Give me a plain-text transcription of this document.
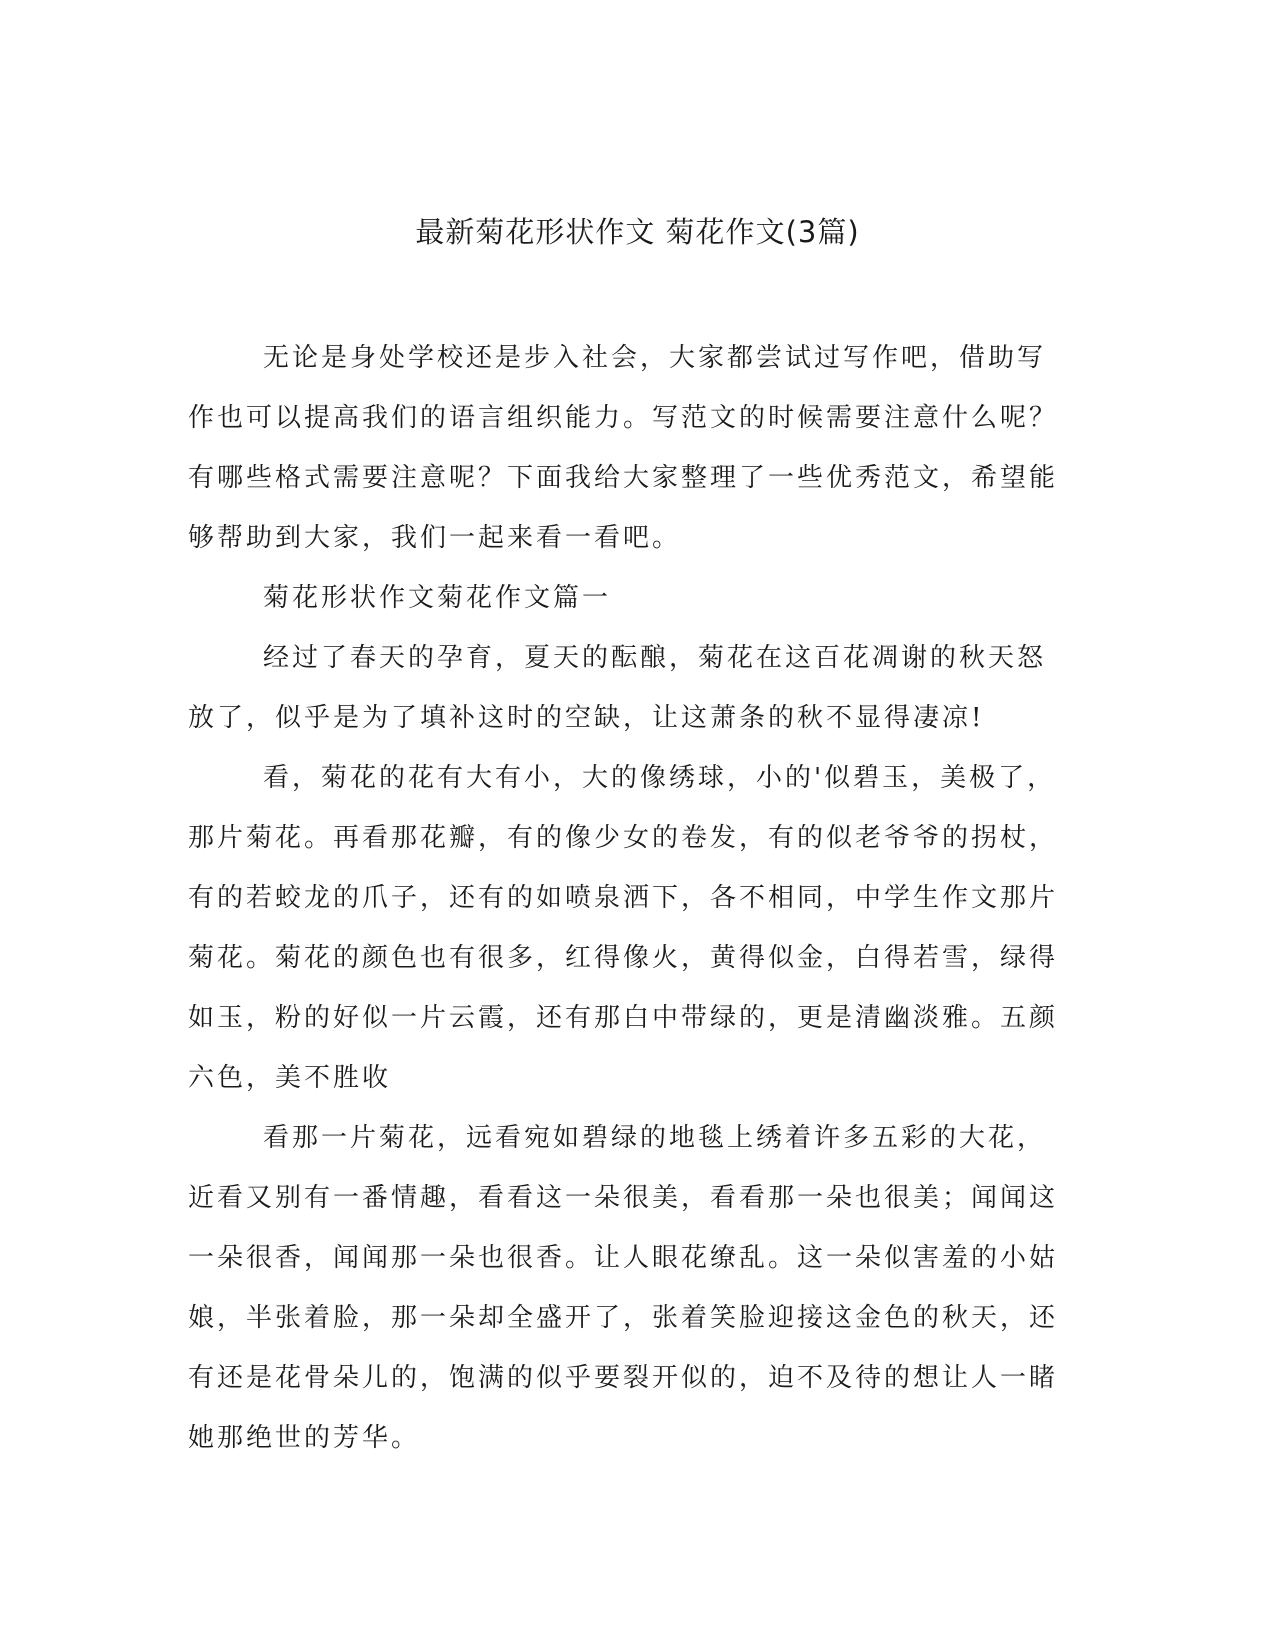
最新菊花形状作文 菊花作文(3篇)

无论是身处学校还是步入社会，大家都尝试过写作吧，借助写作也可以提高我们的语言组织能力。写范文的时候需要注意什么呢？有哪些格式需要注意呢？下面我给大家整理了一些优秀范文，希望能够帮助到大家，我们一起来看一看吧。

菊花形状作文菊花作文篇一

经过了春天的孕育，夏天的酝酿，菊花在这百花凋谢的秋天怒放了，似乎是为了填补这时的空缺，让这萧条的秋不显得凄凉!

看，菊花的花有大有小，大的像绣球，小的'似碧玉，美极了，那片菊花。再看那花瓣，有的像少女的卷发，有的似老爷爷的拐杖，有的若蛟龙的爪子，还有的如喷泉洒下，各不相同，中学生作文那片菊花。菊花的颜色也有很多，红得像火，黄得似金，白得若雪，绿得如玉，粉的好似一片云霞，还有那白中带绿的，更是清幽淡雅。五颜六色，美不胜收

看那一片菊花，远看宛如碧绿的地毯上绣着许多五彩的大花，近看又别有一番情趣，看看这一朵很美，看看那一朵也很美；闻闻这一朵很香，闻闻那一朵也很香。让人眼花缭乱。这一朵似害羞的小姑娘，半张着脸，那一朵却全盛开了，张着笑脸迎接这金色的秋天，还有还是花骨朵儿的，饱满的似乎要裂开似的，迫不及待的想让人一睹她那绝世的芳华。
